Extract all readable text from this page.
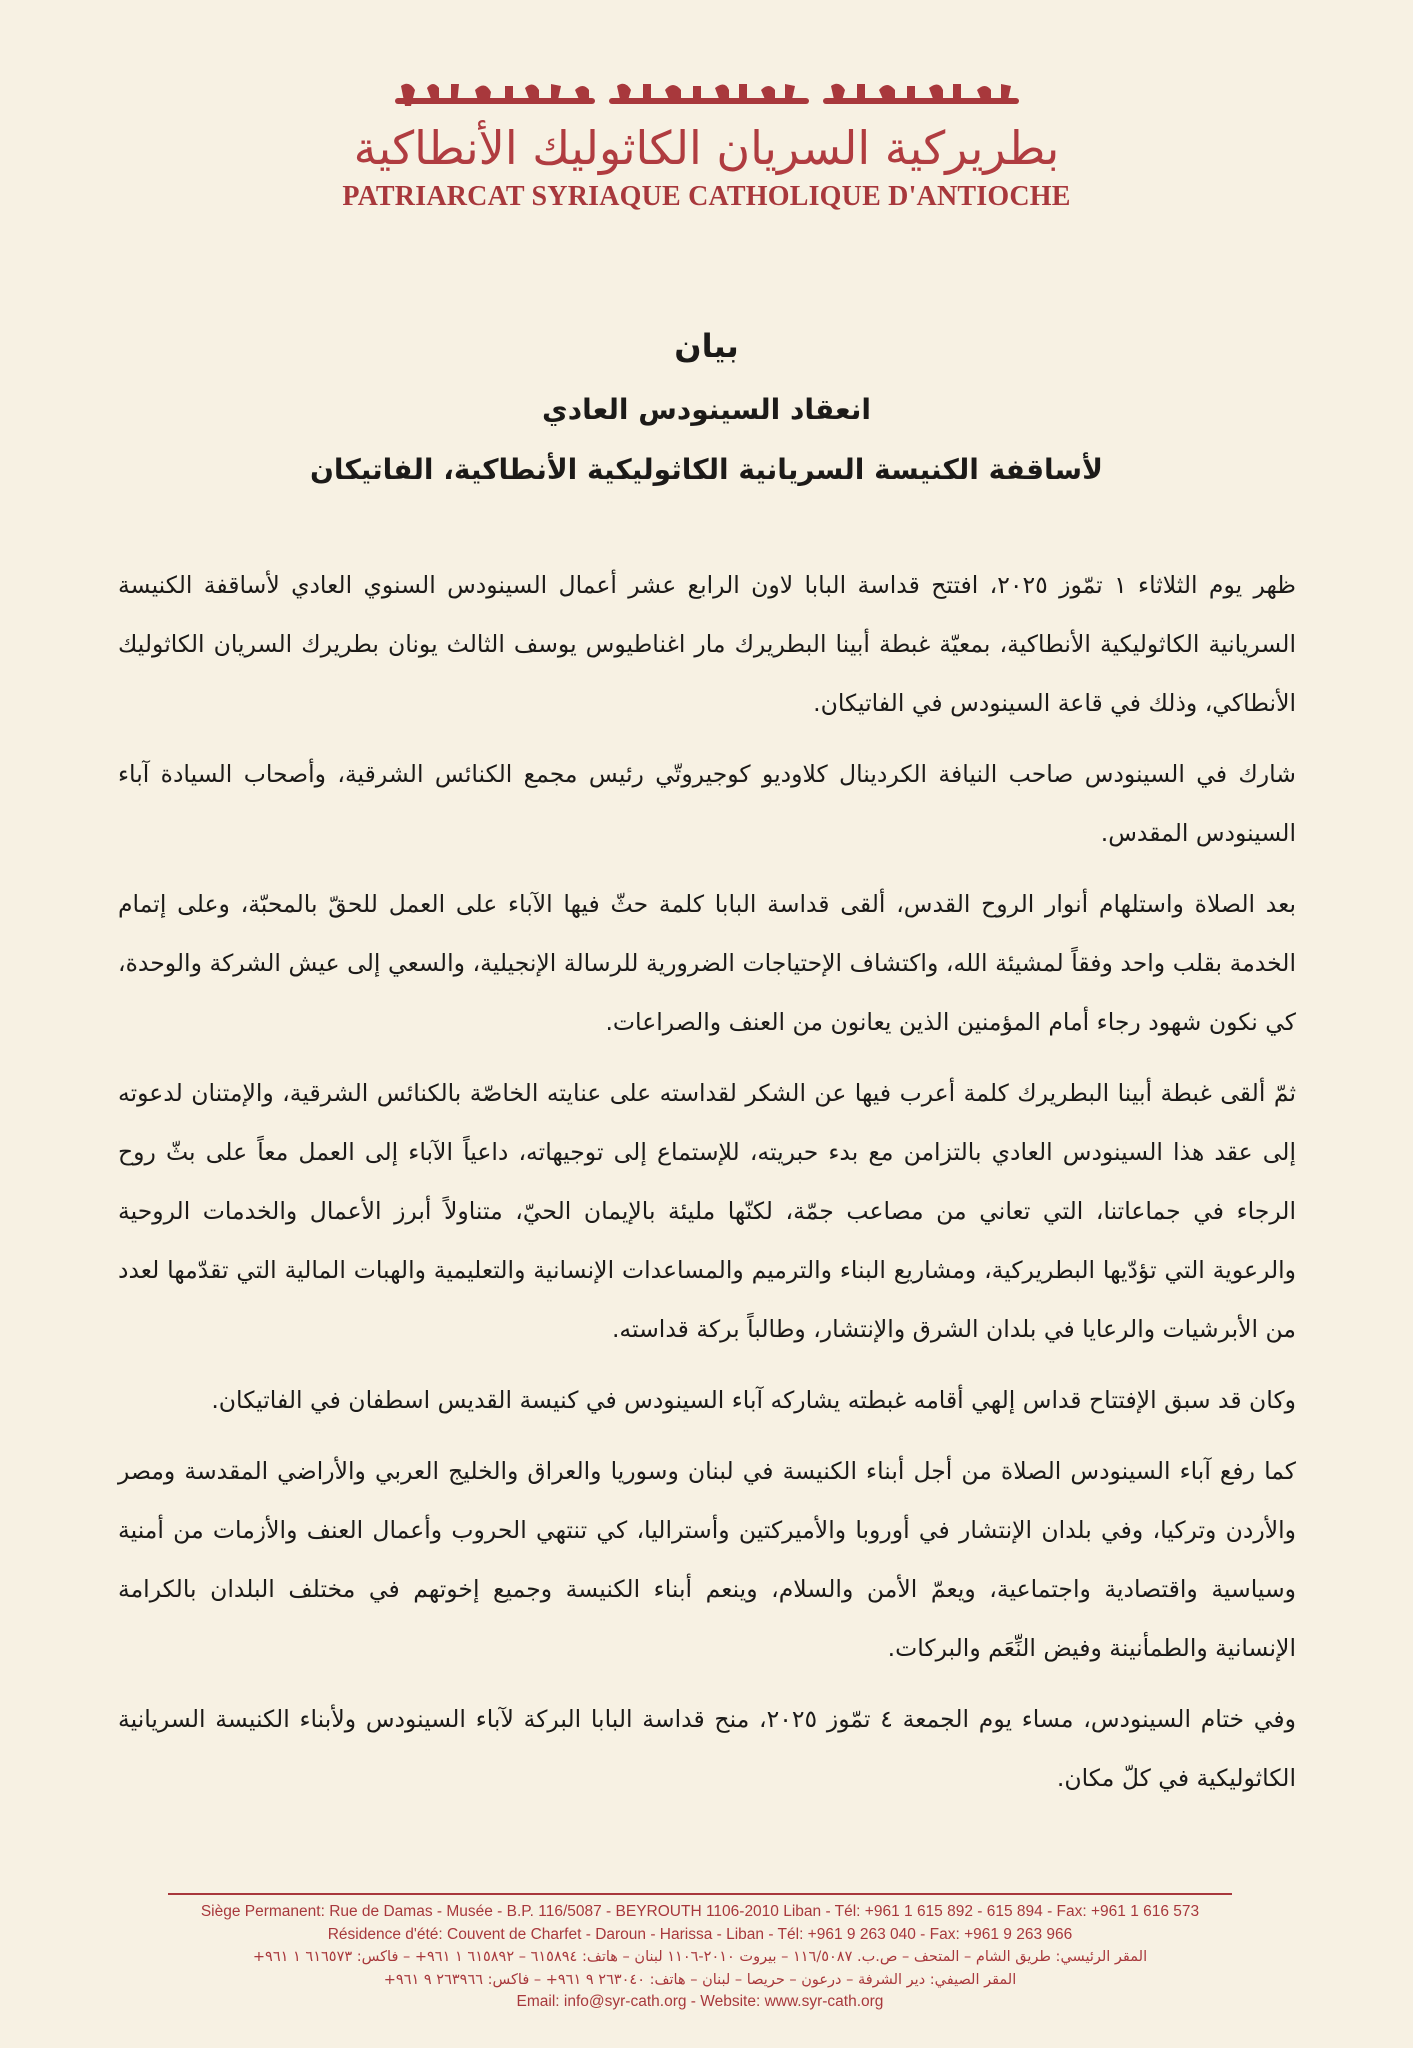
بطريركية السريان الكاثوليك الأنطاكية
PATRIARCAT SYRIAQUE CATHOLIQUE D'ANTIOCHE
بيان
انعقاد السينودس العادي
لأساقفة الكنيسة السريانية الكاثوليكية الأنطاكية، الفاتيكان

ظهر يوم الثلاثاء ١ تمّوز ٢٠٢٥، افتتح قداسة البابا لاون الرابع عشر أعمال السينودس السنوي العادي لأساقفة الكنيسة السريانية الكاثوليكية الأنطاكية، بمعيّة غبطة أبينا البطريرك مار اغناطيوس يوسف الثالث يونان بطريرك السريان الكاثوليك الأنطاكي، وذلك في قاعة السينودس في الفاتيكان.

شارك في السينودس صاحب النيافة الكردينال كلاوديو كوجيروتّي رئيس مجمع الكنائس الشرقية، وأصحاب السيادة آباء السينودس المقدس.

بعد الصلاة واستلهام أنوار الروح القدس، ألقى قداسة البابا كلمة حثّ فيها الآباء على العمل للحقّ بالمحبّة، وعلى إتمام الخدمة بقلب واحد وفقاً لمشيئة الله، واكتشاف الإحتياجات الضرورية للرسالة الإنجيلية، والسعي إلى عيش الشركة والوحدة، كي نكون شهود رجاء أمام المؤمنين الذين يعانون من العنف والصراعات.

ثمّ ألقى غبطة أبينا البطريرك كلمة أعرب فيها عن الشكر لقداسته على عنايته الخاصّة بالكنائس الشرقية، والإمتنان لدعوته إلى عقد هذا السينودس العادي بالتزامن مع بدء حبريته، للإستماع إلى توجيهاته، داعياً الآباء إلى العمل معاً على بثّ روح الرجاء في جماعاتنا، التي تعاني من مصاعب جمّة، لكنّها مليئة بالإيمان الحيّ، متناولاً أبرز الأعمال والخدمات الروحية والرعوية التي تؤدّيها البطريركية، ومشاريع البناء والترميم والمساعدات الإنسانية والتعليمية والهبات المالية التي تقدّمها لعدد من الأبرشيات والرعايا في بلدان الشرق والإنتشار، وطالباً بركة قداسته.

وكان قد سبق الإفتتاح قداس إلهي أقامه غبطته يشاركه آباء السينودس في كنيسة القديس اسطفان في الفاتيكان.

كما رفع آباء السينودس الصلاة من أجل أبناء الكنيسة في لبنان وسوريا والعراق والخليج العربي والأراضي المقدسة ومصر والأردن وتركيا، وفي بلدان الإنتشار في أوروبا والأميركتين وأستراليا، كي تنتهي الحروب وأعمال العنف والأزمات من أمنية وسياسية واقتصادية واجتماعية، ويعمّ الأمن والسلام، وينعم أبناء الكنيسة وجميع إخوتهم في مختلف البلدان بالكرامة الإنسانية والطمأنينة وفيض النِّعَم والبركات.

وفي ختام السينودس، مساء يوم الجمعة ٤ تمّوز ٢٠٢٥، منح قداسة البابا البركة لآباء السينودس ولأبناء الكنيسة السريانية الكاثوليكية في كلّ مكان.

Siège Permanent: Rue de Damas - Musée - B.P. 116/5087 - BEYROUTH 1106-2010 Liban - Tél: +961 1 615 892 - 615 894 - Fax: +961 1 616 573
Résidence d'été: Couvent de Charfet - Daroun - Harissa - Liban - Tél: +961 9 263 040 - Fax: +961 9 263 966
المقر الرئيسي: طريق الشام – المتحف – ص.ب. ١١٦/٥٠٨٧ – بيروت ٢٠١٠-١١٠٦ لبنان – هاتف: ٦١٥٨٩٤ – ٦١٥٨٩٢ ١ ٩٦١+ – فاكس: ٦١٦٥٧٣ ١ ٩٦١+
المقر الصيفي: دير الشرفة – درعون – حريصا – لبنان – هاتف: ٢٦٣٠٤٠ ٩ ٩٦١+ – فاكس: ٢٦٣٩٦٦ ٩ ٩٦١+
Email: info@syr-cath.org - Website: www.syr-cath.org
